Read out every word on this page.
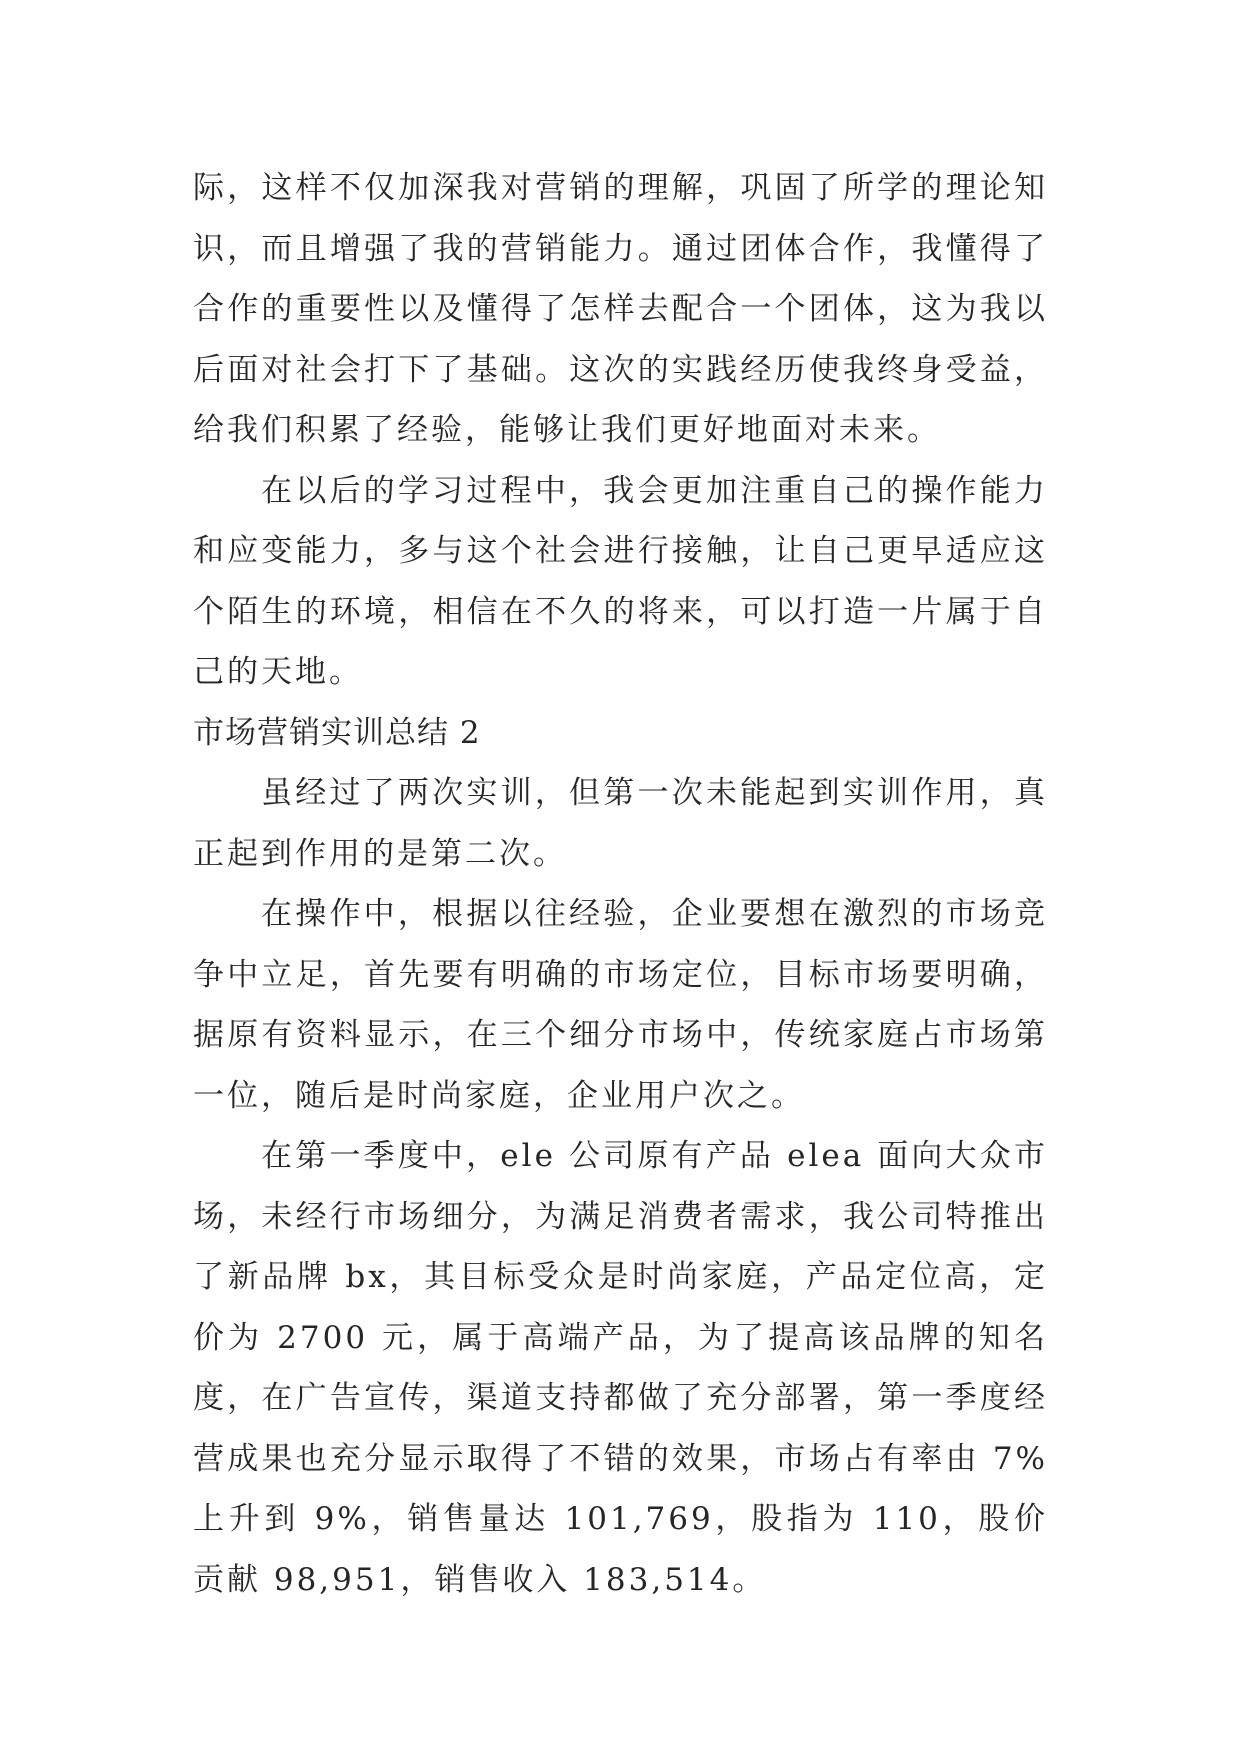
际，这样不仅加深我对营销的理解，巩固了所学的理论知识，而且增强了我的营销能力。通过团体合作，我懂得了合作的重要性以及懂得了怎样去配合一个团体，这为我以后面对社会打下了基础。这次的实践经历使我终身受益，给我们积累了经验，能够让我们更好地面对未来。

在以后的学习过程中，我会更加注重自己的操作能力和应变能力，多与这个社会进行接触，让自己更早适应这个陌生的环境，相信在不久的将来，可以打造一片属于自己的天地。

市场营销实训总结 2

虽经过了两次实训，但第一次未能起到实训作用，真正起到作用的是第二次。

在操作中，根据以往经验，企业要想在激烈的市场竞争中立足，首先要有明确的市场定位，目标市场要明确，据原有资料显示，在三个细分市场中，传统家庭占市场第一位，随后是时尚家庭，企业用户次之。

在第一季度中，ele 公司原有产品 elea 面向大众市场，未经行市场细分，为满足消费者需求，我公司特推出了新品牌 bx，其目标受众是时尚家庭，产品定位高，定价为 2700 元，属于高端产品，为了提高该品牌的知名度，在广告宣传，渠道支持都做了充分部署，第一季度经营成果也充分显示取得了不错的效果，市场占有率由 7%上升到 9%，销售量达 101,769，股指为 110，股价贡献 98,951，销售收入 183,514。
